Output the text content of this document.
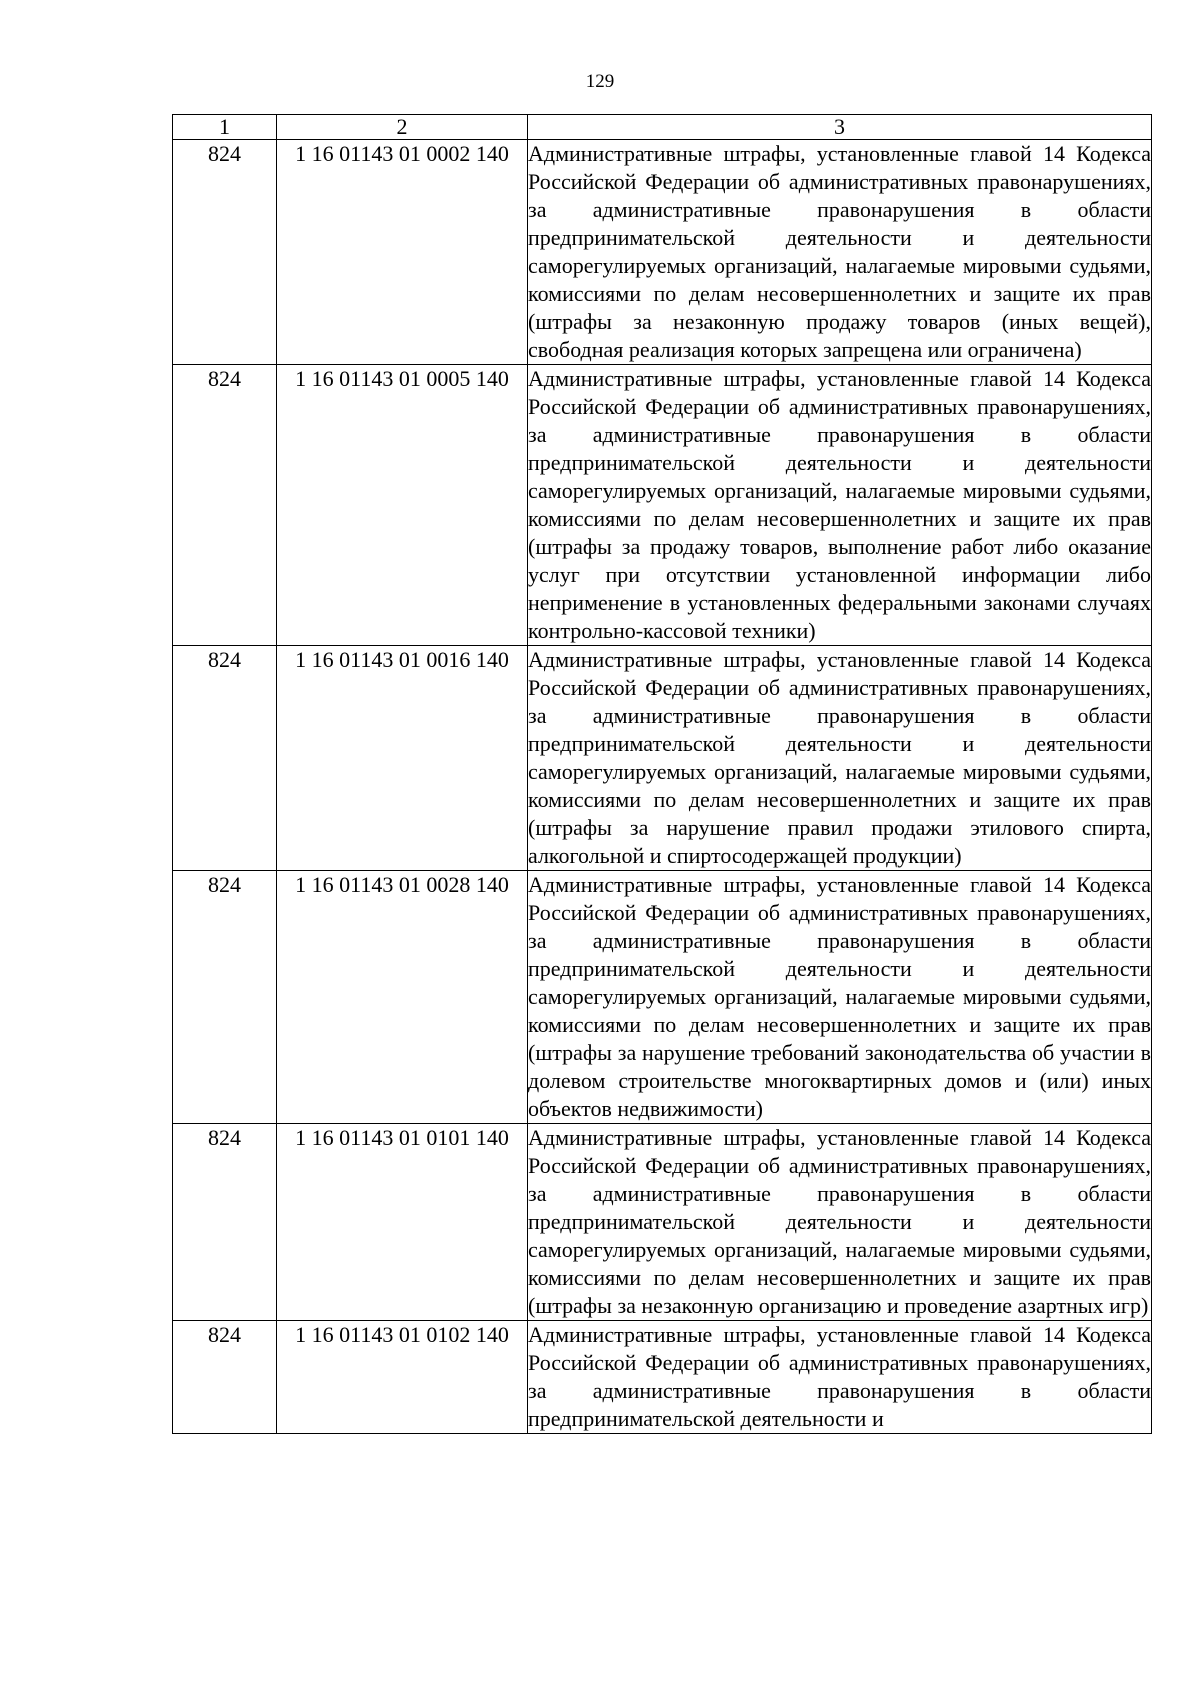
129
1	2	3
824	1 16 01143 01 0002 140	Административные штрафы, установленные главой 14 Кодекса Российской Федерации об административных правонарушениях, за административные правонарушения в области предпринимательской деятельности и деятельности саморегулируемых организаций, налагаемые мировыми судьями, комиссиями по делам несовершеннолетних и защите их прав (штрафы за незаконную продажу товаров (иных вещей), свободная реализация которых запрещена или ограничена)
824	1 16 01143 01 0005 140	Административные штрафы, установленные главой 14 Кодекса Российской Федерации об административных правонарушениях, за административные правонарушения в области предпринимательской деятельности и деятельности саморегулируемых организаций, налагаемые мировыми судьями, комиссиями по делам несовершеннолетних и защите их прав (штрафы за продажу товаров, выполнение работ либо оказание услуг при отсутствии установленной информации либо неприменение в установленных федеральными законами случаях контрольно-кассовой техники)
824	1 16 01143 01 0016 140	Административные штрафы, установленные главой 14 Кодекса Российской Федерации об административных правонарушениях, за административные правонарушения в области предпринимательской деятельности и деятельности саморегулируемых организаций, налагаемые мировыми судьями, комиссиями по делам несовершеннолетних и защите их прав (штрафы за нарушение правил продажи этилового спирта, алкогольной и спиртосодержащей продукции)
824	1 16 01143 01 0028 140	Административные штрафы, установленные главой 14 Кодекса Российской Федерации об административных правонарушениях, за административные правонарушения в области предпринимательской деятельности и деятельности саморегулируемых организаций, налагаемые мировыми судьями, комиссиями по делам несовершеннолетних и защите их прав (штрафы за нарушение требований законодательства об участии в долевом строительстве многоквартирных домов и (или) иных объектов недвижимости)
824	1 16 01143 01 0101 140	Административные штрафы, установленные главой 14 Кодекса Российской Федерации об административных правонарушениях, за административные правонарушения в области предпринимательской деятельности и деятельности саморегулируемых организаций, налагаемые мировыми судьями, комиссиями по делам несовершеннолетних и защите их прав (штрафы за незаконную организацию и проведение азартных игр)
824	1 16 01143 01 0102 140	Административные штрафы, установленные главой 14 Кодекса Российской Федерации об административных правонарушениях, за административные правонарушения в области предпринимательской деятельности и
